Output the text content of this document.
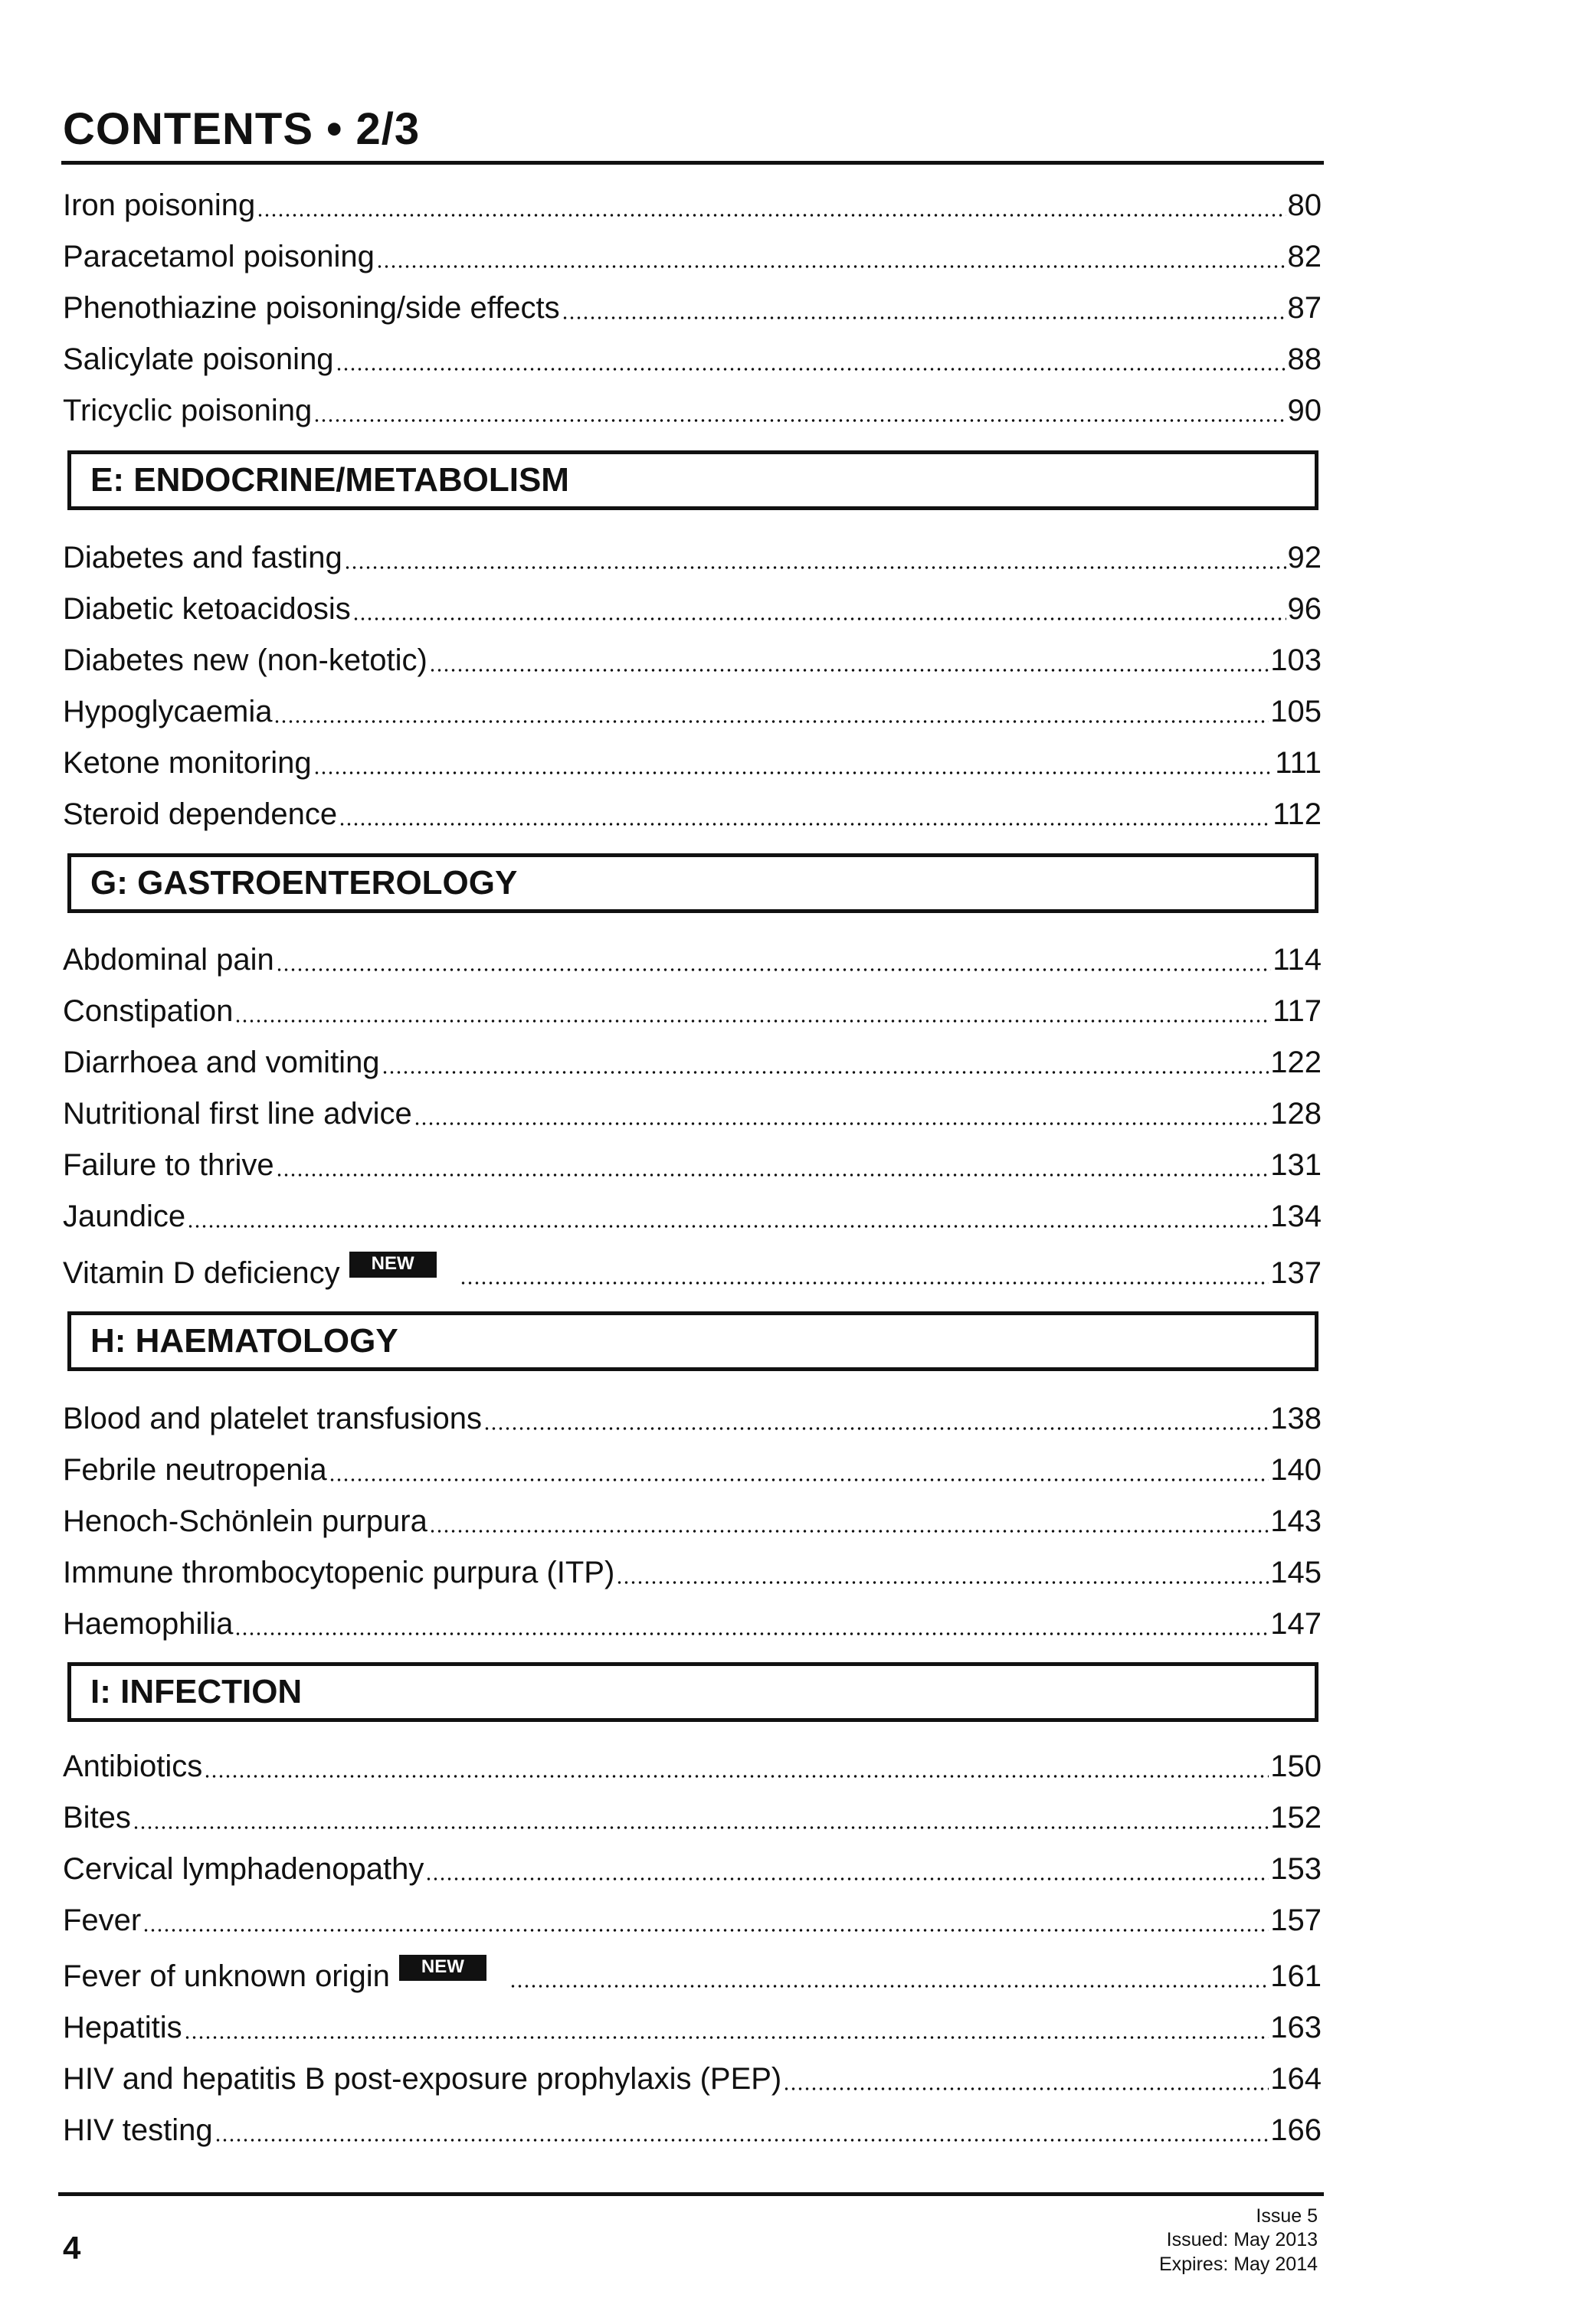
CONTENTS • 2/3
Iron poisoning	80
Paracetamol poisoning	82
Phenothiazine poisoning/side effects	87
Salicylate poisoning	88
Tricyclic poisoning	90
E: ENDOCRINE/METABOLISM
Diabetes and fasting	92
Diabetic ketoacidosis	96
Diabetes new (non-ketotic)	103
Hypoglycaemia	105
Ketone monitoring	111
Steroid dependence	112
G: GASTROENTEROLOGY
Abdominal pain	114
Constipation	117
Diarrhoea and vomiting	122
Nutritional first line advice	128
Failure to thrive	131
Jaundice	134
Vitamin D deficiency	NEW	137
H: HAEMATOLOGY
Blood and platelet transfusions	138
Febrile neutropenia	140
Henoch-Schönlein purpura	143
Immune thrombocytopenic purpura (ITP)	145
Haemophilia	147
I: INFECTION
Antibiotics	150
Bites	152
Cervical lymphadenopathy	153
Fever	157
Fever of unknown origin	NEW	161
Hepatitis	163
HIV and hepatitis B post-exposure prophylaxis (PEP)	164
HIV testing	166
4
Issue 5
Issued: May 2013
Expires: May 2014
